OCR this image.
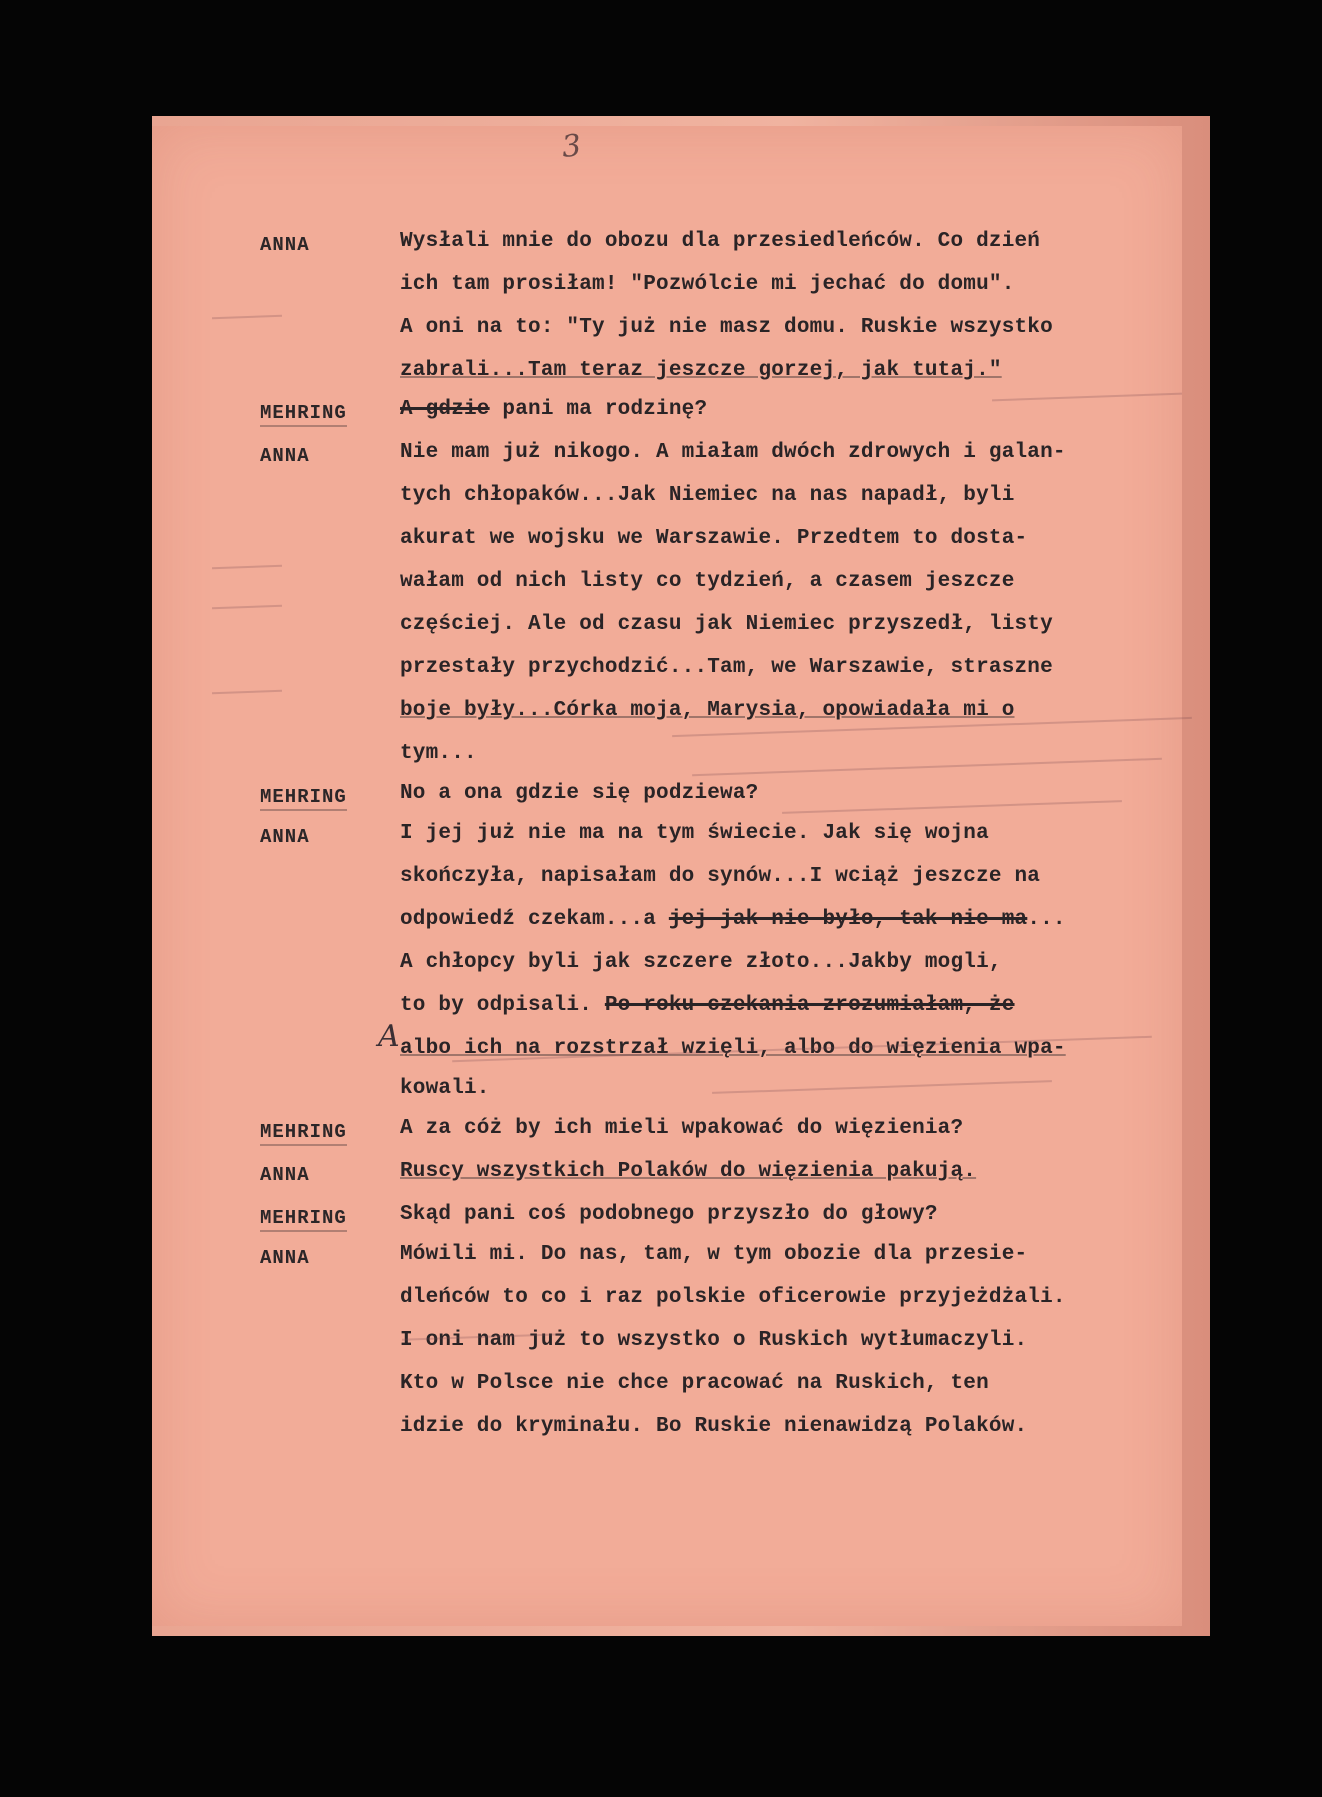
3
ANNA	Wysłali mnie do obozu dla przesiedleńców. Co dzień
ich tam prosiłam! "Pozwólcie mi jechać do domu".
A oni na to: "Ty już nie masz domu. Ruskie wszystko
zabrali...Tam teraz jeszcze gorzej, jak tutaj."
MEHRING	A gdzie pani ma rodzinę?
ANNA	Nie mam już nikogo. A miałam dwóch zdrowych i galan-
tych chłopaków...Jak Niemiec na nas napadł, byli
akurat we wojsku we Warszawie. Przedtem to dosta-
wałam od nich listy co tydzień, a czasem jeszcze
częściej. Ale od czasu jak Niemiec przyszedł, listy
przestały przychodzić...Tam, we Warszawie, straszne
boje były...Córka moja, Marysia, opowiadała mi o
tym...
MEHRING	No a ona gdzie się podziewa?
ANNA	I jej już nie ma na tym świecie. Jak się wojna
skończyła, napisałam do synów...I wciąż jeszcze na
odpowiedź czekam...a jej jak nie było, tak nie ma...
A chłopcy byli jak szczere złoto...Jakby mogli,
to by odpisali. Po roku czekania zrozumiałam, że
albo ich na rozstrzał wzięli, albo do więzienia wpa-
kowali.
MEHRING	A za cóż by ich mieli wpakować do więzienia?
ANNA	Ruscy wszystkich Polaków do więzienia pakują.
MEHRING	Skąd pani coś podobnego przyszło do głowy?
ANNA	Mówili mi. Do nas, tam, w tym obozie dla przesie-
dleńców to co i raz polskie oficerowie przyjeżdżali.
I oni nam już to wszystko o Ruskich wytłumaczyli.
Kto w Polsce nie chce pracować na Ruskich, ten
idzie do kryminału. Bo Ruskie nienawidzą Polaków.
A
